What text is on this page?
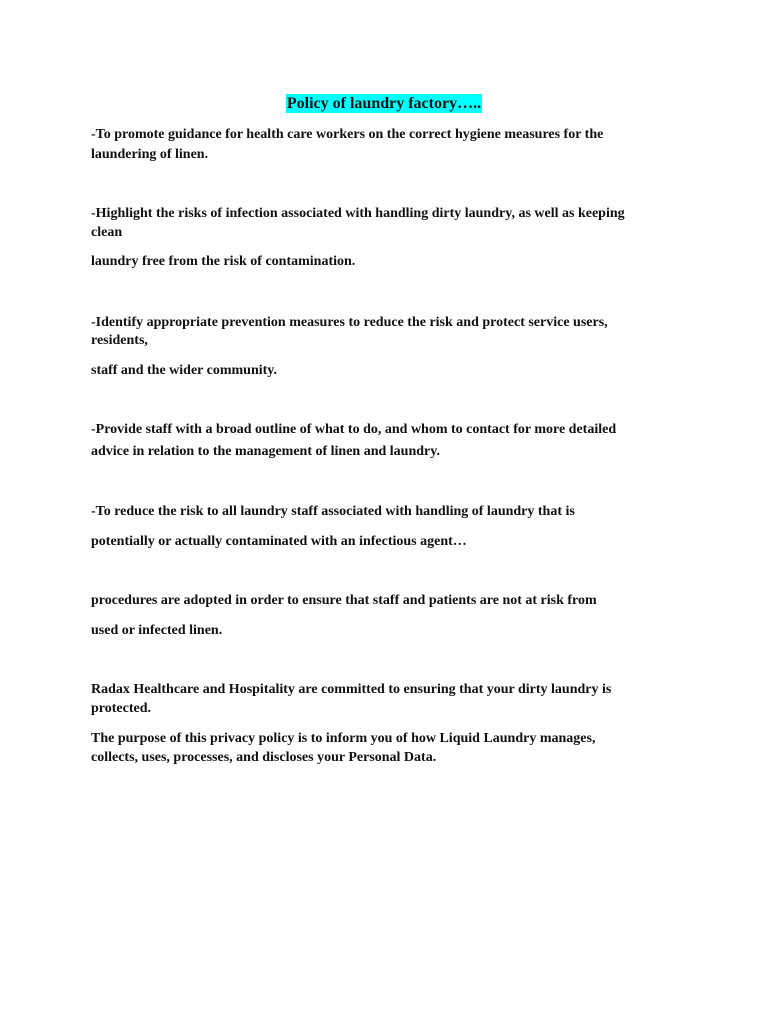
Policy of laundry factory…..
-To promote guidance for health care workers on the correct hygiene measures for the
laundering of linen.
-Highlight the risks of infection associated with handling dirty laundry, as well as keeping
clean
laundry free from the risk of contamination.
-Identify appropriate prevention measures to reduce the risk and protect service users,
residents,
staff and the wider community.
-Provide staff with a broad outline of what to do, and whom to contact for more detailed
advice in relation to the management of linen and laundry.
-To reduce the risk to all laundry staff associated with handling of laundry that is
potentially or actually contaminated with an infectious agent…
procedures are adopted in order to ensure that staff and patients are not at risk from
used or infected linen.
Radax Healthcare and Hospitality are committed to ensuring that your dirty laundry is
protected.
The purpose of this privacy policy is to inform you of how Liquid Laundry manages,
collects, uses, processes, and discloses your Personal Data.
